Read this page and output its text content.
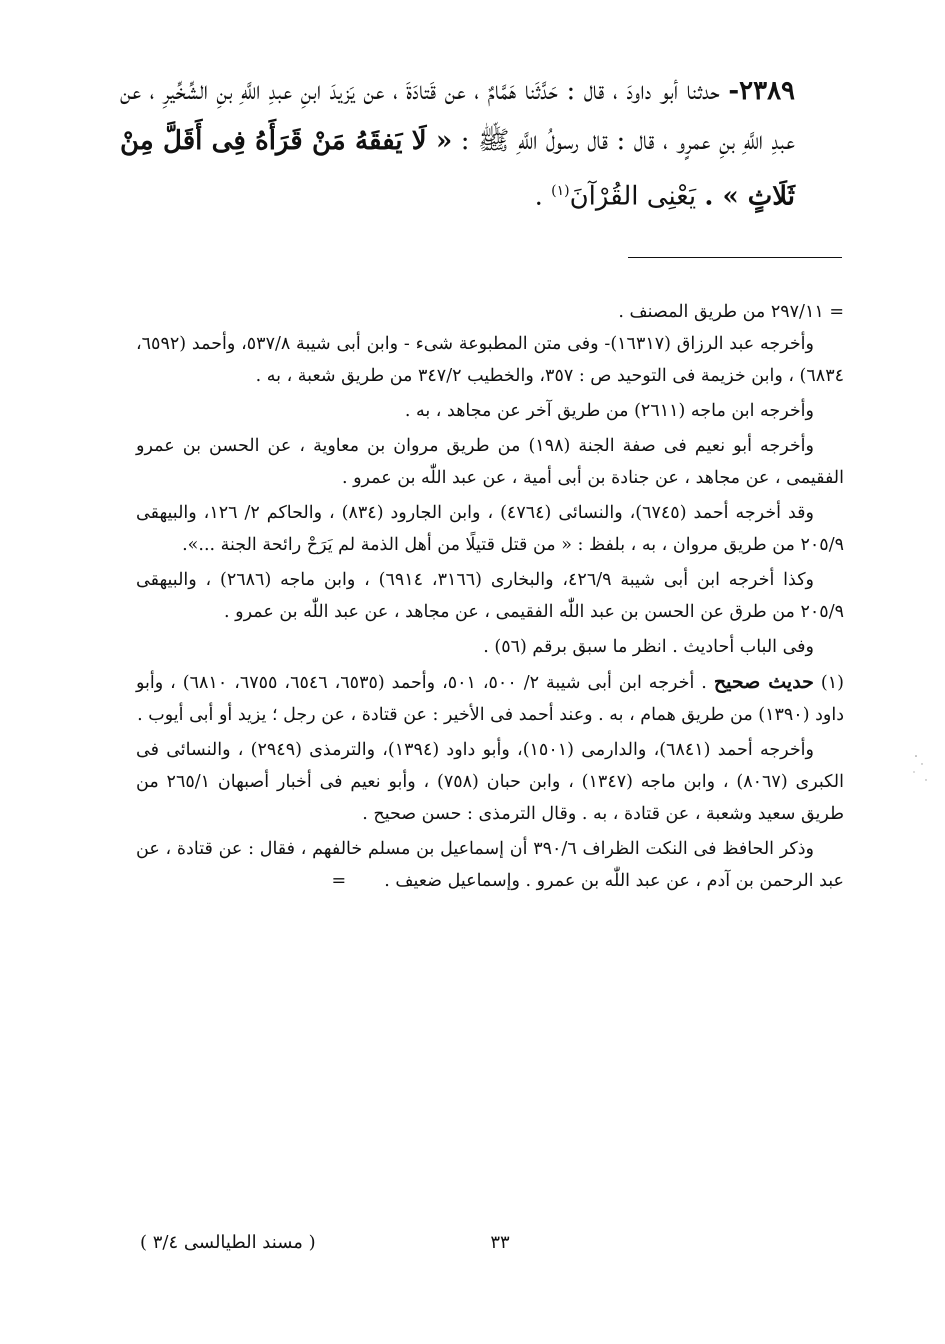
٢٣٨٩- حدثنا أبو داودَ ، قال : حَدَّثَنا هَمَّامٌ ، عن قَتادَةَ ، عن يَزيدَ ابنِ عبدِ اللَّهِ بنِ الشِّخِّيرِ ، عن عبدِ اللَّهِ بنِ عمرٍو ، قال : قال رسولُ اللَّهِ ﷺ : « لَا يَفقَهُ مَنْ قَرَأَهُ فِى أَقَلَّ مِنْ ثَلَاثٍ » . يَعْنِى القُرْآنَ$^{(١)}$ .

= ٢٩٧/١١ من طريق المصنف .

وأخرجه عبد الرزاق (١٦٣١٧)- وفى متن المطبوعة شىء - وابن أبى شيبة ٥٣٧/٨، وأحمد (٦٥٩٢، ٦٨٣٤) ، وابن خزيمة فى التوحيد ص : ٣٥٧، والخطيب ٣٤٧/٢ من طريق شعبة ، به .

وأخرجه ابن ماجه (٢٦١١) من طريق آخر عن مجاهد ، به .

وأخرجه أبو نعيم فى صفة الجنة (١٩٨) من طريق مروان بن معاوية ، عن الحسن بن عمرو الفقيمى ، عن مجاهد ، عن جنادة بن أبى أمية ، عن عبد اللّٰه بن عمرو .

وقد أخرجه أحمد (٦٧٤٥)، والنسائى (٤٧٦٤) ، وابن الجارود (٨٣٤) ، والحاكم ٢/ ١٢٦، والبيهقى ٢٠٥/٩ من طريق مروان ، به ، بلفظ : « من قتل قتيلًا من أهل الذمة لم يَرَحْ رائحة الجنة ...».

وكذا أخرجه ابن أبى شيبة ٤٢٦/٩، والبخارى (٣١٦٦، ٦٩١٤) ، وابن ماجه (٢٦٨٦) ، والبيهقى ٢٠٥/٩ من طرق عن الحسن بن عبد اللّٰه الفقيمى ، عن مجاهد ، عن عبد اللّٰه بن عمرو .

وفى الباب أحاديث . انظر ما سبق برقم (٥٦) .

(١) حديث صحيح . أخرجه ابن أبى شيبة ٢/ ٥٠٠، ٥٠١، وأحمد (٦٥٣٥، ٦٥٤٦، ٦٧٥٥، ٦٨١٠) ، وأبو داود (١٣٩٠) من طريق همام ، به . وعند أحمد فى الأخير : عن قتادة ، عن رجل ؛ يزيد أو أبى أيوب .

وأخرجه أحمد (٦٨٤١)، والدارمى (١٥٠١)، وأبو داود (١٣٩٤)، والترمذى (٢٩٤٩) ، والنسائى فى الكبرى (٨٠٦٧) ، وابن ماجه (١٣٤٧) ، وابن حبان (٧٥٨) ، وأبو نعيم فى أخبار أصبهان ٢٦٥/١ من طريق سعيد وشعبة ، عن قتادة ، به . وقال الترمذى : حسن صحيح .

وذكر الحافظ فى النكت الظراف ٣٩٠/٦ أن إسماعيل بن مسلم خالفهم ، فقال : عن قتادة ، عن عبد الرحمن بن آدم ، عن عبد اللّٰه بن عمرو . وإسماعيل ضعيف .=

٣٣
( مسند الطيالسى ٣/٤ )
